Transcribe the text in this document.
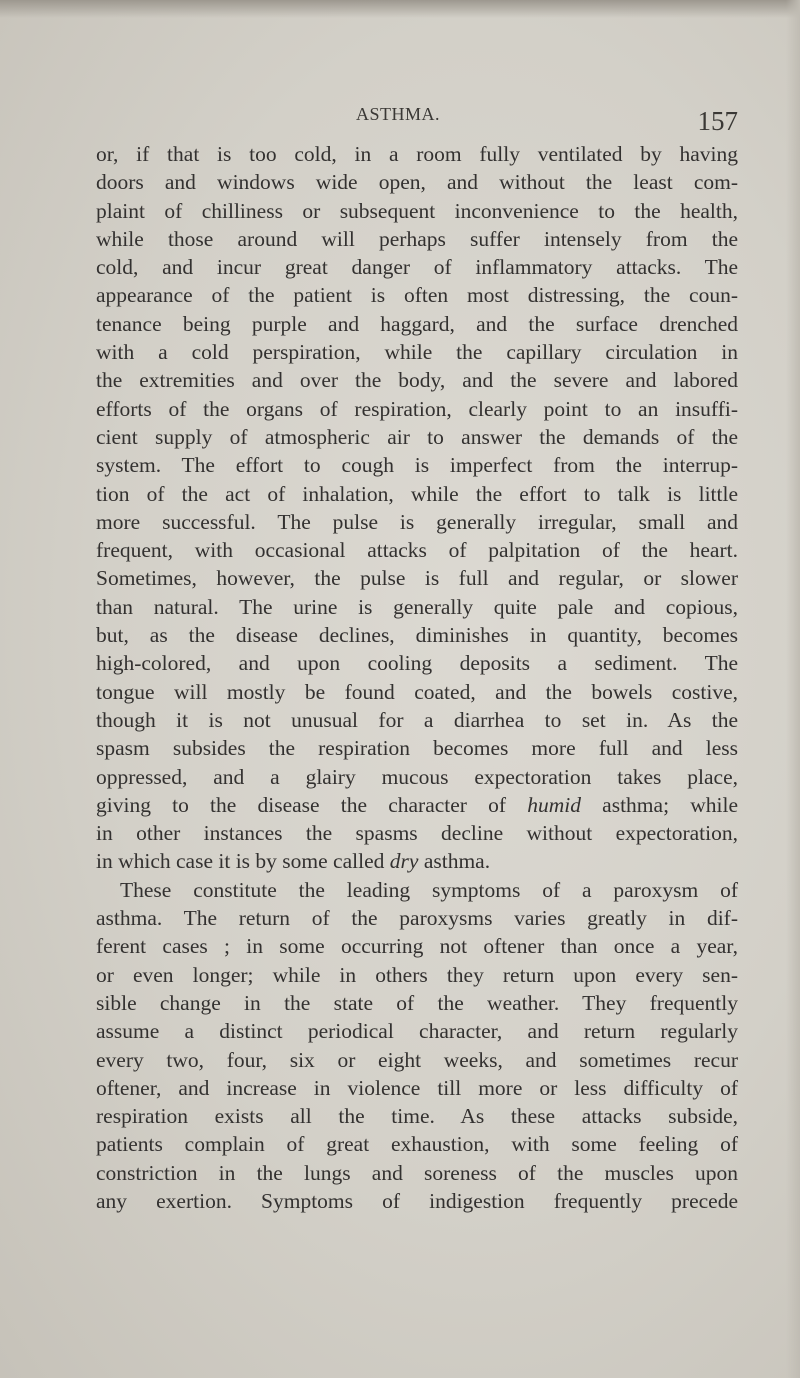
ASTHMA.	157
or, if that is too cold, in a room fully ventilated by having
doors and windows wide open, and without the least com-
plaint of chilliness or subsequent inconvenience to the health,
while those around will perhaps suffer intensely from the
cold, and incur great danger of inflammatory attacks. The
appearance of the patient is often most distressing, the coun-
tenance being purple and haggard, and the surface drenched
with a cold perspiration, while the capillary circulation in
the extremities and over the body, and the severe and labored
efforts of the organs of respiration, clearly point to an insuffi-
cient supply of atmospheric air to answer the demands of the
system. The effort to cough is imperfect from the interrup-
tion of the act of inhalation, while the effort to talk is little
more successful. The pulse is generally irregular, small and
frequent, with occasional attacks of palpitation of the heart.
Sometimes, however, the pulse is full and regular, or slower
than natural. The urine is generally quite pale and copious,
but, as the disease declines, diminishes in quantity, becomes
high-colored, and upon cooling deposits a sediment. The
tongue will mostly be found coated, and the bowels costive,
though it is not unusual for a diarrhea to set in. As the
spasm subsides the respiration becomes more full and less
oppressed, and a glairy mucous expectoration takes place,
giving to the disease the character of humid asthma; while
in other instances the spasms decline without expectoration,
in which case it is by some called dry asthma.
These constitute the leading symptoms of a paroxysm of
asthma. The return of the paroxysms varies greatly in dif-
ferent cases ; in some occurring not oftener than once a year,
or even longer; while in others they return upon every sen-
sible change in the state of the weather. They frequently
assume a distinct periodical character, and return regularly
every two, four, six or eight weeks, and sometimes recur
oftener, and increase in violence till more or less difficulty of
respiration exists all the time. As these attacks subside,
patients complain of great exhaustion, with some feeling of
constriction in the lungs and soreness of the muscles upon
any exertion. Symptoms of indigestion frequently precede
